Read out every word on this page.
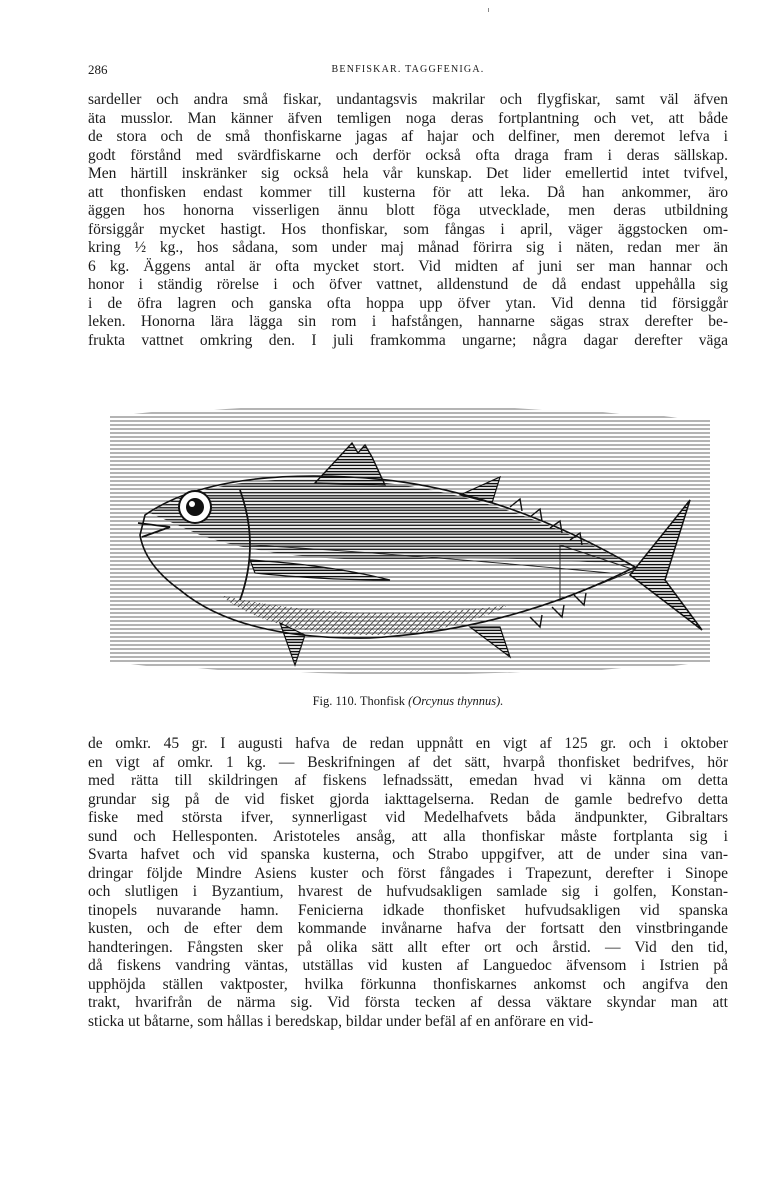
286	BENFISKAR. TAGGFENIGA.
sardeller och andra små fiskar, undantagsvis makrilar och flygfiskar, samt väl äfven
äta musslor. Man känner äfven temligen noga deras fortplantning och vet, att både
de stora och de små thonfiskarne jagas af hajar och delfiner, men deremot lefva i
godt förstånd med svärdfiskarne och derför också ofta draga fram i deras sällskap.
Men härtill inskränker sig också hela vår kunskap. Det lider emellertid intet tvifvel,
att thonfisken endast kommer till kusterna för att leka. Då han ankommer, äro
äggen hos honorna visserligen ännu blott föga utvecklade, men deras utbildning
försiggår mycket hastigt. Hos thonfiskar, som fångas i april, väger äggstocken om-
kring ½ kg., hos sådana, som under maj månad förirra sig i näten, redan mer än
6 kg. Äggens antal är ofta mycket stort. Vid midten af juni ser man hannar och
honor i ständig rörelse i och öfver vattnet, alldenstund de då endast uppehålla sig
i de öfra lagren och ganska ofta hoppa upp öfver ytan. Vid denna tid försiggår
leken. Honorna lära lägga sin rom i hafstången, hannarne sägas strax derefter be-
frukta vattnet omkring den. I juli framkomma ungarne; några dagar derefter väga
Fig. 110. Thonfisk (Orcynus thynnus).
de omkr. 45 gr. I augusti hafva de redan uppnått en vigt af 125 gr. och i oktober
en vigt af omkr. 1 kg. — Beskrifningen af det sätt, hvarpå thonfisket bedrifves, hör
med rätta till skildringen af fiskens lefnadssätt, emedan hvad vi känna om detta
grundar sig på de vid fisket gjorda iakttagelserna. Redan de gamle bedrefvo detta
fiske med största ifver, synnerligast vid Medelhafvets båda ändpunkter, Gibraltars
sund och Hellesponten. Aristoteles ansåg, att alla thonfiskar måste fortplanta sig i
Svarta hafvet och vid spanska kusterna, och Strabo uppgifver, att de under sina van-
dringar följde Mindre Asiens kuster och först fångades i Trapezunt, derefter i Sinope
och slutligen i Byzantium, hvarest de hufvudsakligen samlade sig i golfen, Konstan-
tinopels nuvarande hamn. Fenicierna idkade thonfisket hufvudsakligen vid spanska
kusten, och de efter dem kommande invånarne hafva der fortsatt den vinstbringande
handteringen. Fångsten sker på olika sätt allt efter ort och årstid. — Vid den tid,
då fiskens vandring väntas, utställas vid kusten af Languedoc äfvensom i Istrien på
upphöjda ställen vaktposter, hvilka förkunna thonfiskarnes ankomst och angifva den
trakt, hvarifrån de närma sig. Vid första tecken af dessa väktare skyndar man att
sticka ut båtarne, som hållas i beredskap, bildar under befäl af en anförare en vid-
